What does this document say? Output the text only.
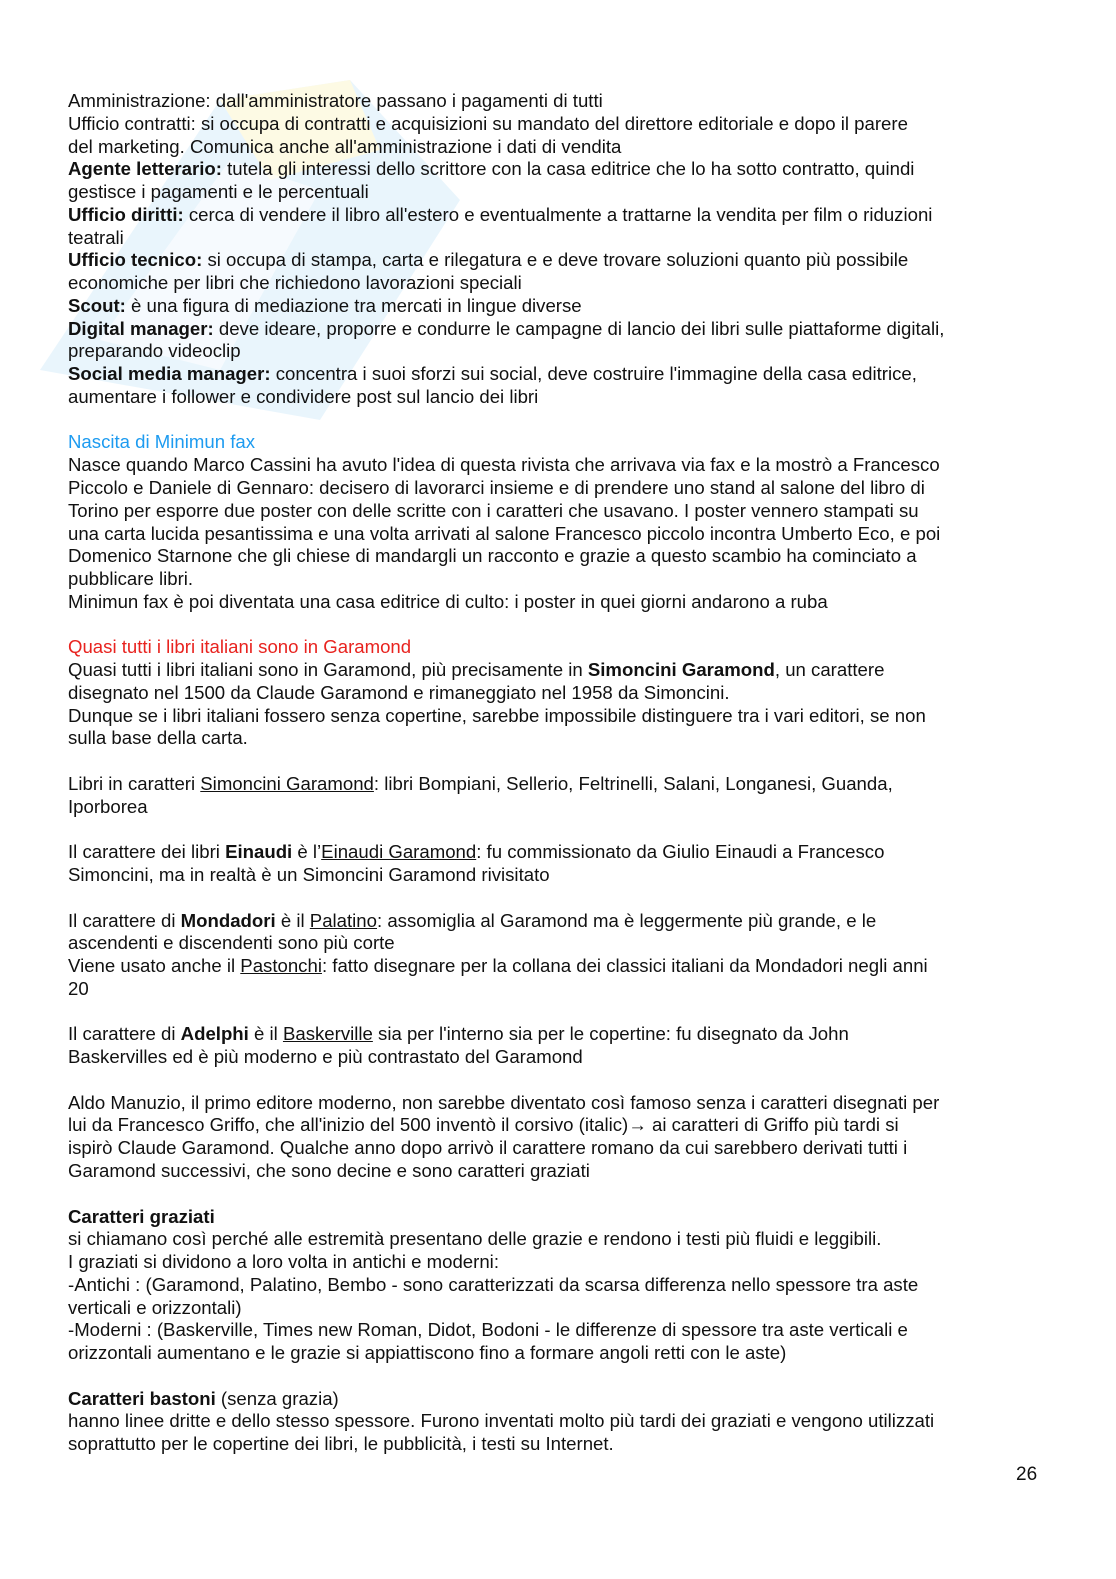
Amministrazione: dall'amministratore passano i pagamenti di tutti
Ufficio contratti: si occupa di contratti e acquisizioni su mandato del direttore editoriale e dopo il parere
del marketing. Comunica anche all'amministrazione i dati di vendita
Agente letterario: tutela gli interessi dello scrittore con la casa editrice che lo ha sotto contratto, quindi
gestisce i pagamenti e le percentuali
Ufficio diritti: cerca di vendere il libro all'estero e eventualmente a trattarne la vendita per film o riduzioni
teatrali
Ufficio tecnico: si occupa di stampa, carta e rilegatura e e deve trovare soluzioni quanto più possibile
economiche per libri che richiedono lavorazioni speciali
Scout: è una figura di mediazione tra mercati in lingue diverse
Digital manager: deve ideare, proporre e condurre le campagne di lancio dei libri sulle piattaforme digitali,
preparando videoclip
Social media manager: concentra i suoi sforzi sui social, deve costruire l'immagine della casa editrice,
aumentare i follower e condividere post sul lancio dei libri
Nascita di Minimun fax
Nasce quando Marco Cassini ha avuto l'idea di questa rivista che arrivava via fax e la mostrò a Francesco
Piccolo e Daniele di Gennaro: decisero di lavorarci insieme e di prendere uno stand al salone del libro di
Torino per esporre due poster con delle scritte con i caratteri che usavano. I poster vennero stampati su
una carta lucida pesantissima e una volta arrivati al salone Francesco piccolo incontra Umberto Eco, e poi
Domenico Starnone che gli chiese di mandargli un racconto e grazie a questo scambio ha cominciato a
pubblicare libri.
Minimun fax è poi diventata una casa editrice di culto: i poster in quei giorni andarono a ruba
Quasi tutti i libri italiani sono in Garamond
Quasi tutti i libri italiani sono in Garamond, più precisamente in Simoncini Garamond, un carattere
disegnato nel 1500 da Claude Garamond e rimaneggiato nel 1958 da Simoncini.
Dunque se i libri italiani fossero senza copertine, sarebbe impossibile distinguere tra i vari editori, se non
sulla base della carta.
Libri in caratteri Simoncini Garamond: libri Bompiani, Sellerio, Feltrinelli, Salani, Longanesi, Guanda,
Iporborea
Il carattere dei libri Einaudi è l’Einaudi Garamond: fu commissionato da Giulio Einaudi a Francesco
Simoncini, ma in realtà è un Simoncini Garamond rivisitato
Il carattere di Mondadori è il Palatino: assomiglia al Garamond ma è leggermente più grande, e le
ascendenti e discendenti sono più corte
Viene usato anche il Pastonchi: fatto disegnare per la collana dei classici italiani da Mondadori negli anni
20
Il carattere di Adelphi è il Baskerville sia per l'interno sia per le copertine: fu disegnato da John
Baskervilles ed è più moderno e più contrastato del Garamond
Aldo Manuzio, il primo editore moderno, non sarebbe diventato così famoso senza i caratteri disegnati per
lui da Francesco Griffo, che all'inizio del 500 inventò il corsivo (italic)→ ai caratteri di Griffo più tardi si
ispirò Claude Garamond. Qualche anno dopo arrivò il carattere romano da cui sarebbero derivati tutti i
Garamond successivi, che sono decine e sono caratteri graziati
Caratteri graziati
si chiamano così perché alle estremità presentano delle grazie e rendono i testi più fluidi e leggibili.
I graziati si dividono a loro volta in antichi e moderni:
-Antichi : (Garamond, Palatino, Bembo - sono caratterizzati da scarsa differenza nello spessore tra aste
verticali e orizzontali)
-Moderni : (Baskerville, Times new Roman, Didot, Bodoni - le differenze di spessore tra aste verticali e
orizzontali aumentano e le grazie si appiattiscono fino a formare angoli retti con le aste)
Caratteri bastoni (senza grazia)
hanno linee dritte e dello stesso spessore. Furono inventati molto più tardi dei graziati e vengono utilizzati
soprattutto per le copertine dei libri, le pubblicità, i testi su Internet.
26
